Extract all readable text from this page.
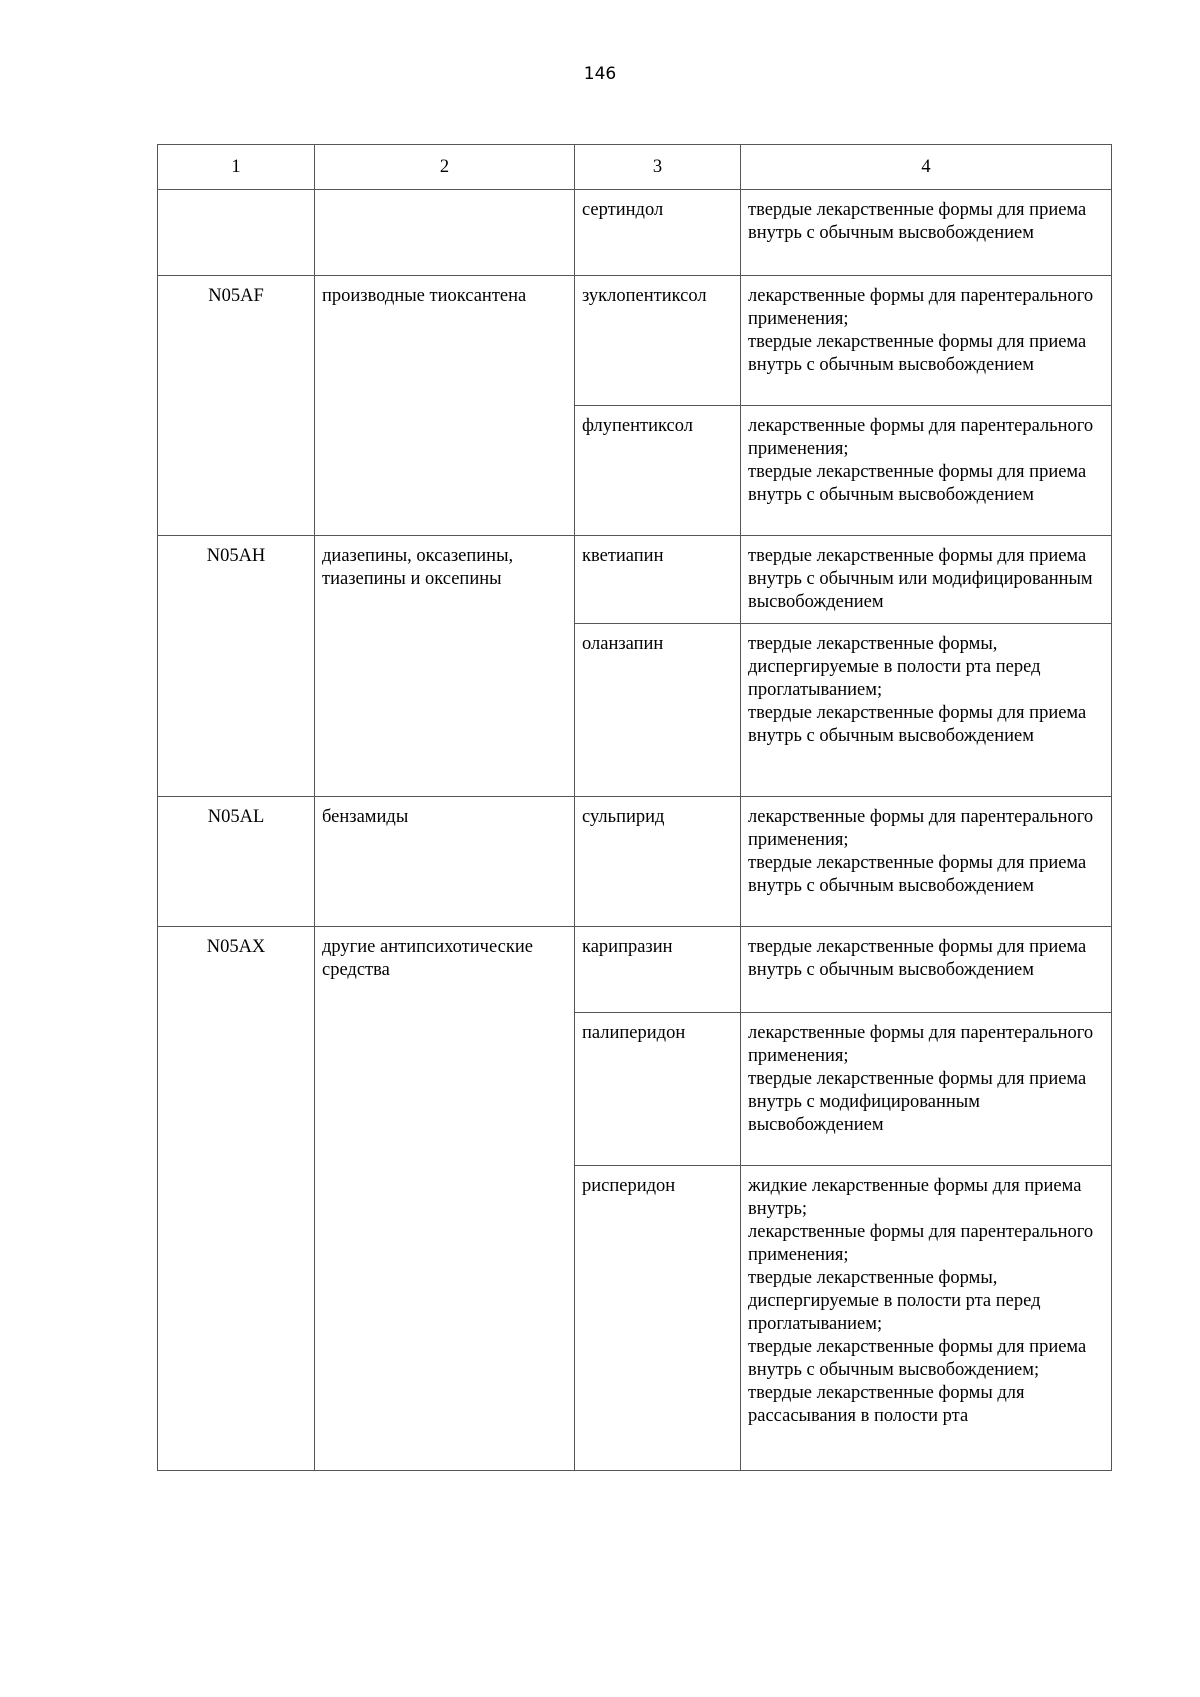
146
1	2	3	4
		сертиндол	твердые лекарственные формы для приема внутрь с обычным высвобождением
N05AF	производные тиоксантена	зуклопентиксол	лекарственные формы для парентерального применения;
твердые лекарственные формы для приема внутрь с обычным высвобождением
		флупентиксол	лекарственные формы для парентерального применения;
твердые лекарственные формы для приема внутрь с обычным высвобождением
N05AH	диазепины, оксазепины, тиазепины и оксепины	кветиапин	твердые лекарственные формы для приема внутрь с обычным или модифицированным высвобождением
		оланзапин	твердые лекарственные формы, диспергируемые в полости рта перед проглатыванием;
твердые лекарственные формы для приема внутрь с обычным высвобождением
N05AL	бензамиды	сульпирид	лекарственные формы для парентерального применения;
твердые лекарственные формы для приема внутрь с обычным высвобождением
N05AX	другие антипсихотические средства	карипразин	твердые лекарственные формы для приема внутрь с обычным высвобождением
		палиперидон	лекарственные формы для парентерального применения;
твердые лекарственные формы для приема внутрь с модифицированным высвобождением
		рисперидон	жидкие лекарственные формы для приема внутрь;
лекарственные формы для парентерального применения;
твердые лекарственные формы, диспергируемые в полости рта перед проглатыванием;
твердые лекарственные формы для приема внутрь с обычным высвобождением;
твердые лекарственные формы для рассасывания в полости рта
